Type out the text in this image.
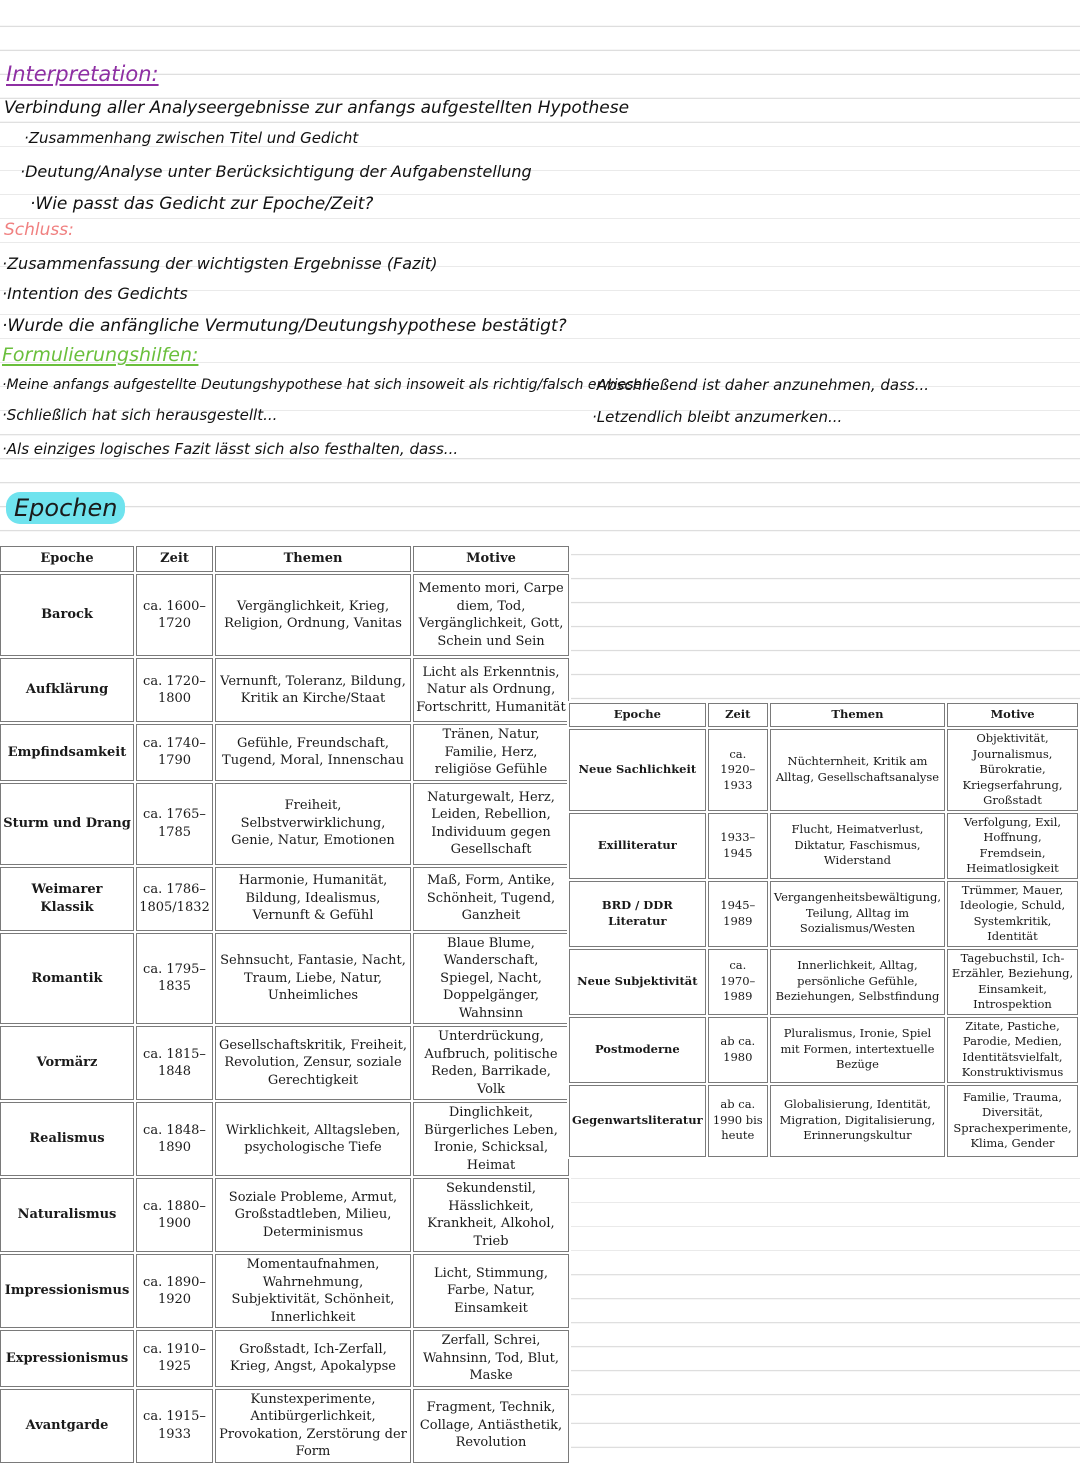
Interpretation:
Verbindung aller Analyseergebnisse zur anfangs aufgestellten Hypothese
·Zusammenhang zwischen Titel und Gedicht
·Deutung/Analyse unter Berücksichtigung der Aufgabenstellung
·Wie passt das Gedicht zur Epoche/Zeit?
Schluss:
·Zusammenfassung der wichtigsten Ergebnisse (Fazit)
·Intention des Gedichts
·Wurde die anfängliche Vermutung/Deutungshypothese bestätigt?
Formulierungshilfen:
·Meine anfangs aufgestellte Deutungshypothese hat sich insoweit als richtig/falsch erwiesen...
·Schließlich hat sich herausgestellt...
·Als einziges logisches Fazit lässt sich also festhalten, dass...
·Abschließend ist daher anzunehmen, dass...
·Letzendlich bleibt anzumerken...
Epochen
Epoche	Zeit	Themen	Motive
Barock	ca. 1600–1720	Vergänglichkeit, Krieg, Religion, Ordnung, Vanitas	Memento mori, Carpe diem, Tod, Vergänglichkeit, Gott, Schein und Sein
Aufklärung	ca. 1720–1800	Vernunft, Toleranz, Bildung, Kritik an Kirche/Staat	Licht als Erkenntnis, Natur als Ordnung, Fortschritt, Humanität
Empfindsamkeit	ca. 1740–1790	Gefühle, Freundschaft, Tugend, Moral, Innenschau	Tränen, Natur, Familie, Herz, religiöse Gefühle
Sturm und Drang	ca. 1765–1785	Freiheit, Selbstverwirklichung, Genie, Natur, Emotionen	Naturgewalt, Herz, Leiden, Rebellion, Individuum gegen Gesellschaft
Weimarer Klassik	ca. 1786–1805/1832	Harmonie, Humanität, Bildung, Idealismus, Vernunft & Gefühl	Maß, Form, Antike, Schönheit, Tugend, Ganzheit
Romantik	ca. 1795–1835	Sehnsucht, Fantasie, Nacht, Traum, Liebe, Natur, Unheimliches	Blaue Blume, Wanderschaft, Spiegel, Nacht, Doppelgänger, Wahnsinn
Vormärz	ca. 1815–1848	Gesellschaftskritik, Freiheit, Revolution, Zensur, soziale Gerechtigkeit	Unterdrückung, Aufbruch, politische Reden, Barrikade, Volk
Realismus	ca. 1848–1890	Wirklichkeit, Alltagsleben, psychologische Tiefe	Dinglichkeit, Bürgerliches Leben, Ironie, Schicksal, Heimat
Naturalismus	ca. 1880–1900	Soziale Probleme, Armut, Großstadtleben, Milieu, Determinismus	Sekundenstil, Hässlichkeit, Krankheit, Alkohol, Trieb
Impressionismus	ca. 1890–1920	Momentaufnahmen, Wahrnehmung, Subjektivität, Schönheit, Innerlichkeit	Licht, Stimmung, Farbe, Natur, Einsamkeit
Expressionismus	ca. 1910–1925	Großstadt, Ich-Zerfall, Krieg, Angst, Apokalypse	Zerfall, Schrei, Wahnsinn, Tod, Blut, Maske
Avantgarde	ca. 1915–1933	Kunstexperimente, Antibürgerlichkeit, Provokation, Zerstörung der Form	Fragment, Technik, Collage, Antiästhetik, Revolution
Epoche	Zeit	Themen	Motive
Neue Sachlichkeit	ca. 1920–1933	Nüchternheit, Kritik am Alltag, Gesellschaftsanalyse	Objektivität, Journalismus, Bürokratie, Kriegserfahrung, Großstadt
Exilliteratur	1933–1945	Flucht, Heimatverlust, Diktatur, Faschismus, Widerstand	Verfolgung, Exil, Hoffnung, Fremdsein, Heimatlosigkeit
BRD / DDR Literatur	1945–1989	Vergangenheitsbewältigung, Teilung, Alltag im Sozialismus/Westen	Trümmer, Mauer, Ideologie, Schuld, Systemkritik, Identität
Neue Subjektivität	ca. 1970–1989	Innerlichkeit, Alltag, persönliche Gefühle, Beziehungen, Selbstfindung	Tagebuchstil, Ich-Erzähler, Beziehung, Einsamkeit, Introspektion
Postmoderne	ab ca. 1980	Pluralismus, Ironie, Spiel mit Formen, intertextuelle Bezüge	Zitate, Pastiche, Parodie, Medien, Identitätsvielfalt, Konstruktivismus
Gegenwartsliteratur	ab ca. 1990 bis heute	Globalisierung, Identität, Migration, Digitalisierung, Erinnerungskultur	Familie, Trauma, Diversität, Sprachexperimente, Klima, Gender
